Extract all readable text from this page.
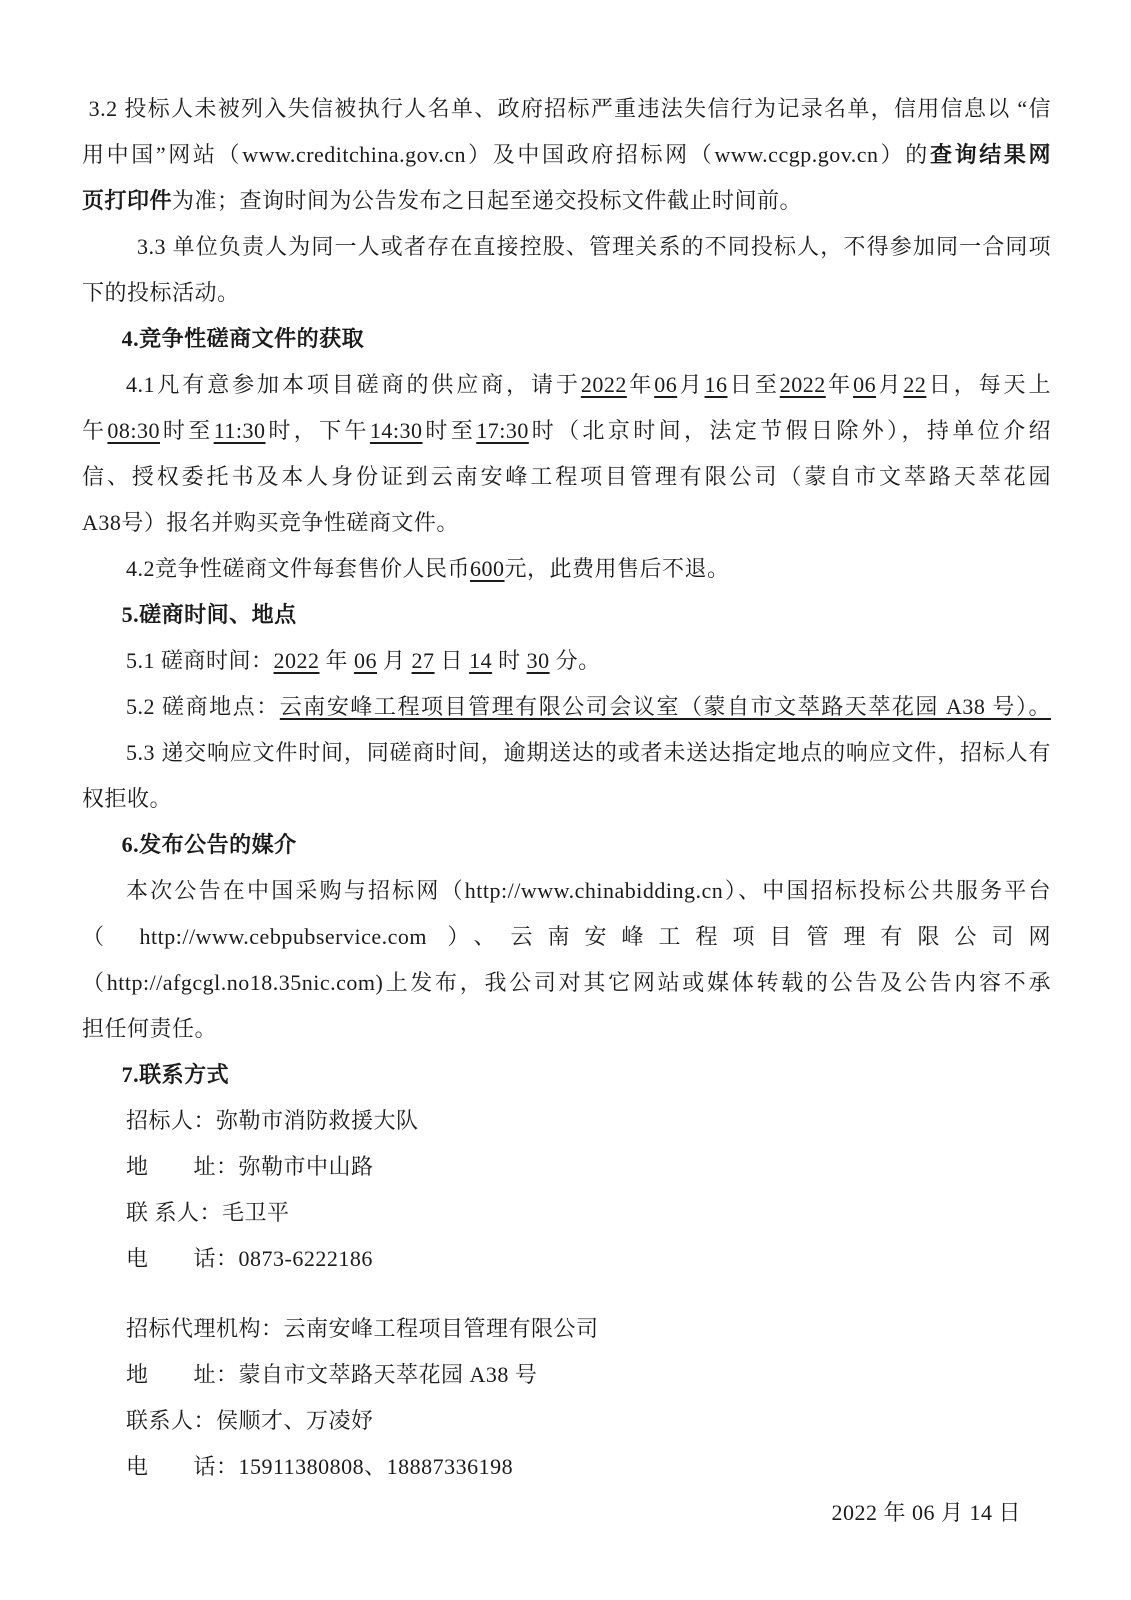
3.2 投标人未被列入失信被执行人名单、政府招标严重违法失信行为记录名单，信用信息以 “信
用中国”网站（www.creditchina.gov.cn）及中国政府招标网（www.ccgp.gov.cn）的查询结果网
页打印件为准；查询时间为公告发布之日起至递交投标文件截止时间前。
3.3 单位负责人为同一人或者存在直接控股、管理关系的不同投标人，不得参加同一合同项
下的投标活动。
4.竞争性磋商文件的获取
4.1凡有意参加本项目磋商的供应商，请于2022年06月16日至2022年06月22日，每天上
午08:30时至11:30时，下午14:30时至17:30时（北京时间，法定节假日除外），持单位介绍
信、授权委托书及本人身份证到云南安峰工程项目管理有限公司（蒙自市文萃路天萃花园
A38号）报名并购买竞争性磋商文件。
4.2竞争性磋商文件每套售价人民币600元，此费用售后不退。
5.磋商时间、地点
5.1 磋商时间：2022 年 06 月 27 日 14 时 30 分。
5.2 磋商地点：云南安峰工程项目管理有限公司会议室（蒙自市文萃路天萃花园 A38 号）。
5.3 递交响应文件时间，同磋商时间，逾期送达的或者未送达指定地点的响应文件，招标人有
权拒收。
6.发布公告的媒介
本次公告在中国采购与招标网（http://www.chinabidding.cn）、中国招标投标公共服务平台
（ http://www.cebpubservice.com ）、云南安峰工程项目管理有限公司网
（http://afgcgl.no18.35nic.com)上发布，我公司对其它网站或媒体转载的公告及公告内容不承
担任何责任。
7.联系方式
招标人：弥勒市消防救援大队
地　　址：弥勒市中山路
联 系人：毛卫平
电　　话：0873-6222186
招标代理机构：云南安峰工程项目管理有限公司
地　　址：蒙自市文萃路天萃花园 A38 号
联系人：侯顺才、万凌妤
电　　话：15911380808、18887336198
2022 年 06 月 14 日
